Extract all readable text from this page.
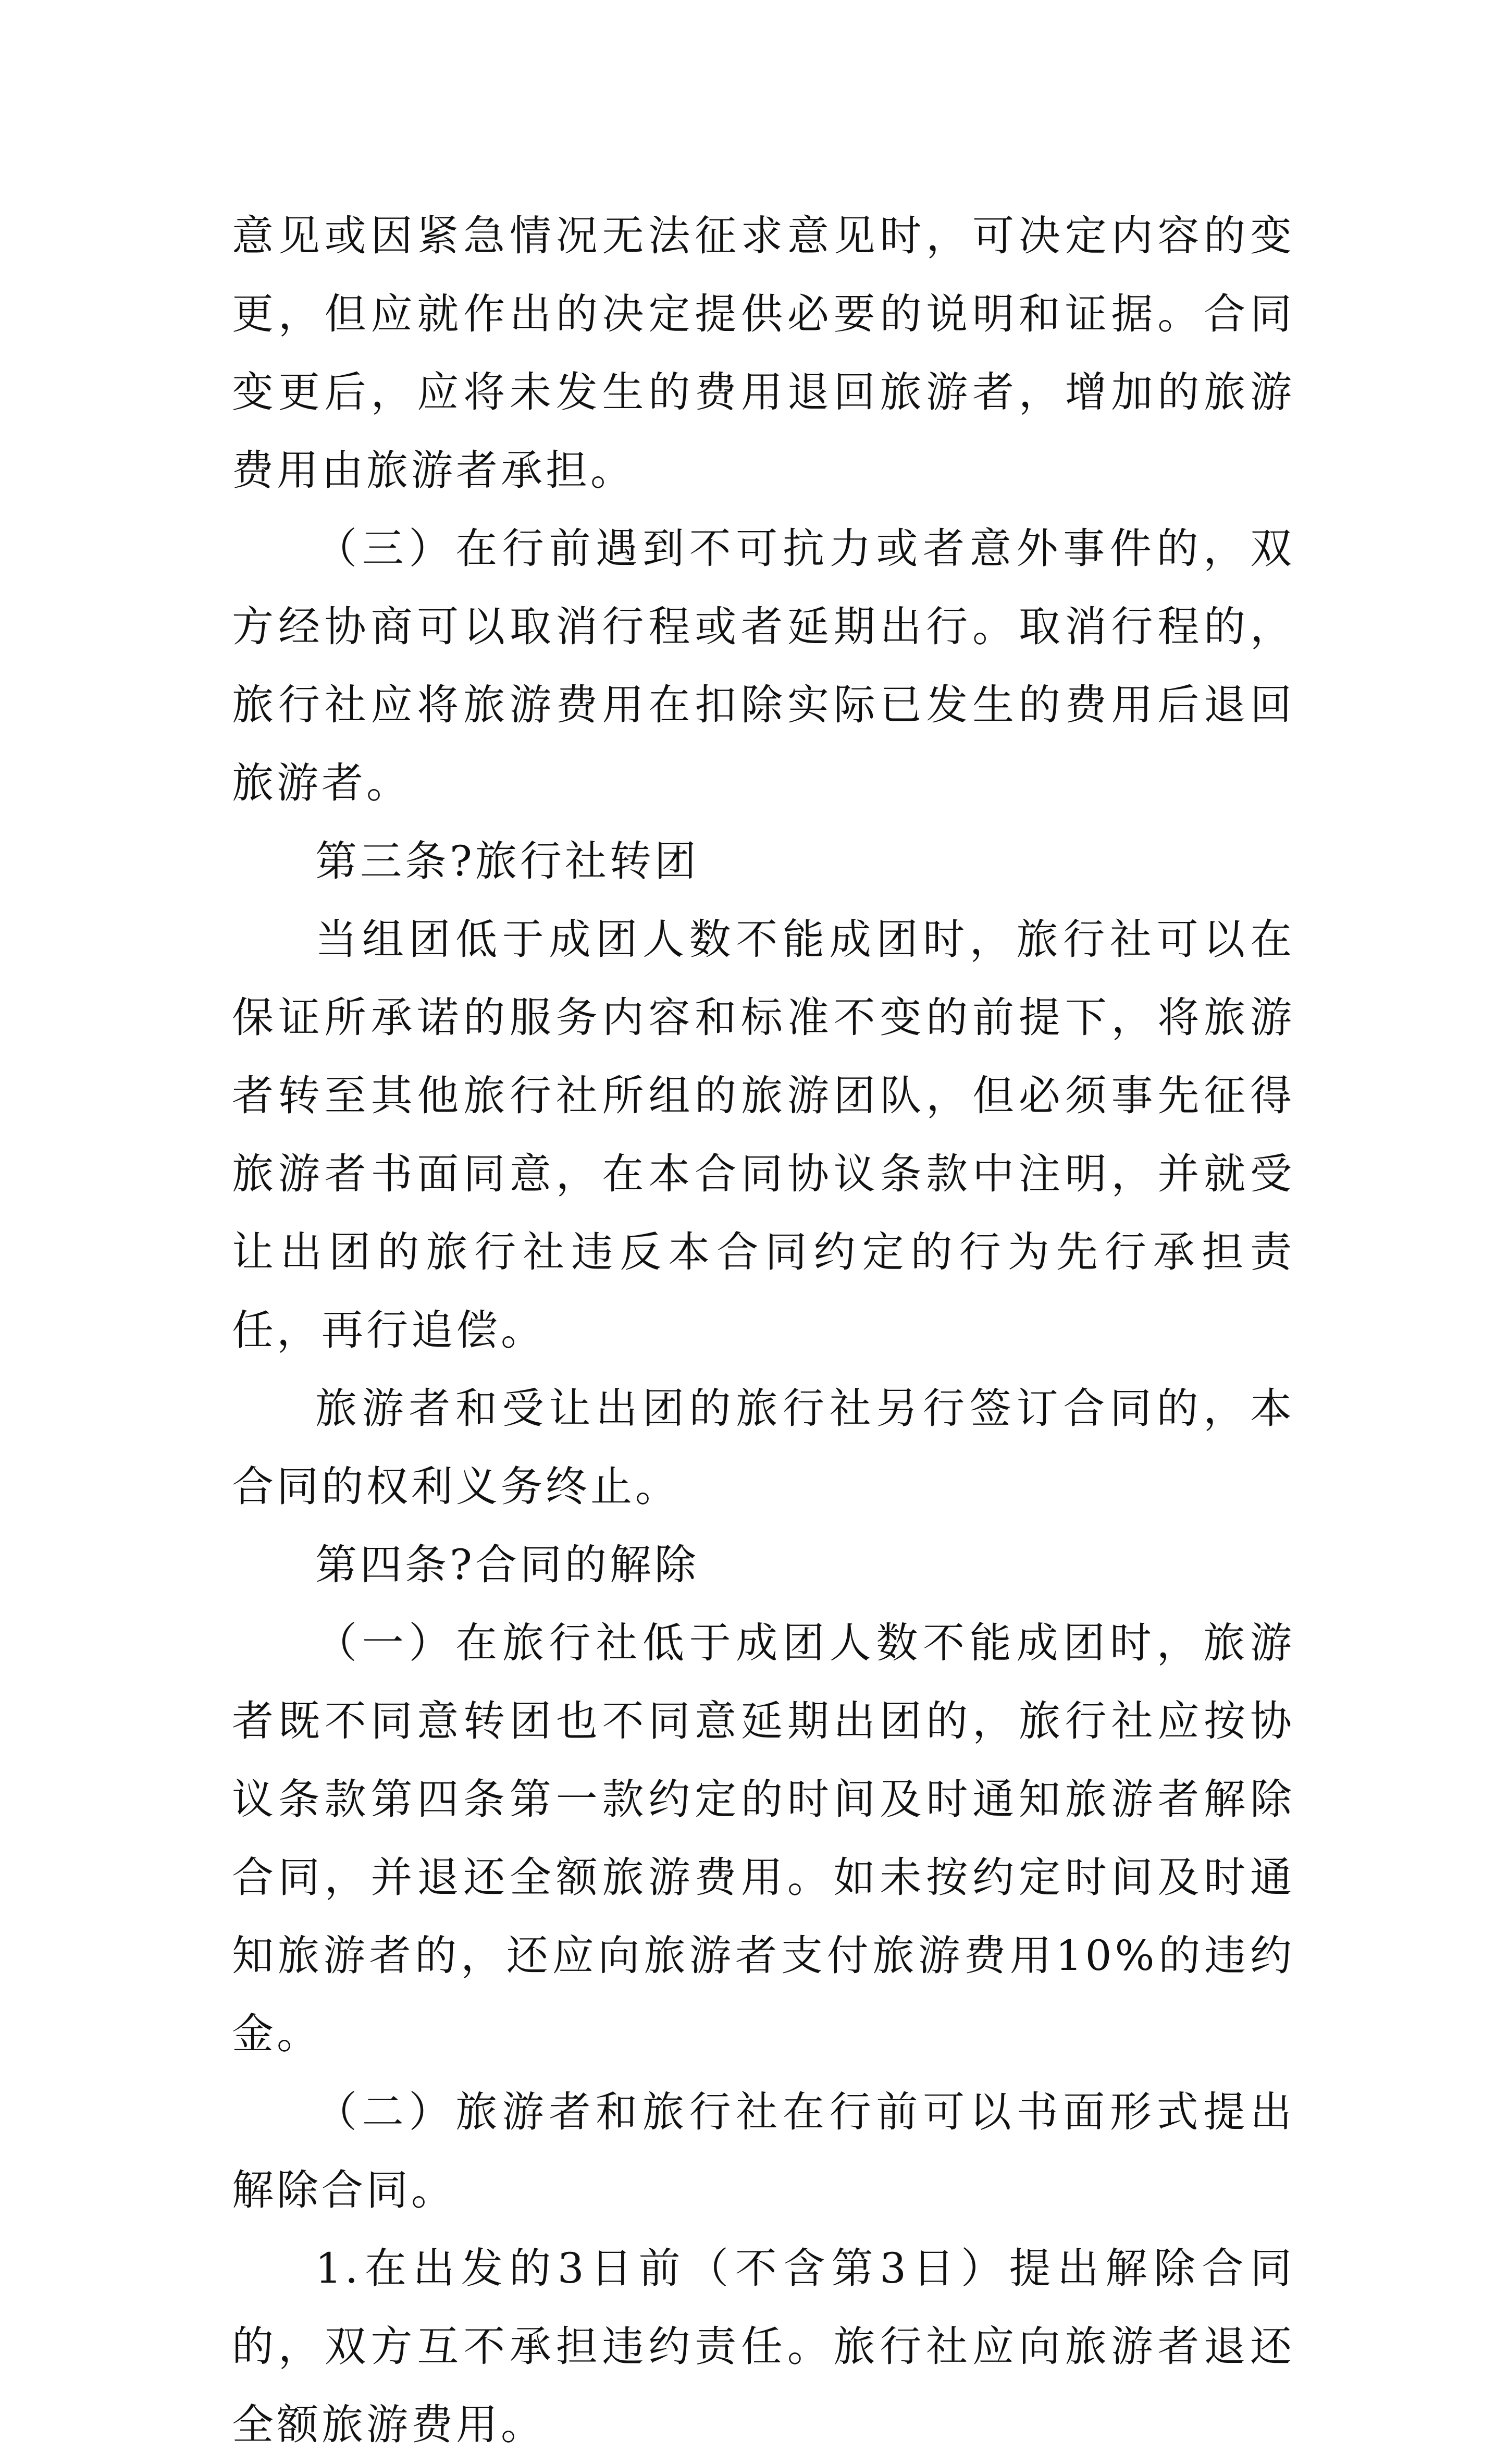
意见或因紧急情况无法征求意见时，可决定内容的变更，但应就作出的决定提供必要的说明和证据。合同变更后，应将未发生的费用退回旅游者，增加的旅游费用由旅游者承担。

（三）在行前遇到不可抗力或者意外事件的，双方经协商可以取消行程或者延期出行。取消行程的，旅行社应将旅游费用在扣除实际已发生的费用后退回旅游者。

第三条?旅行社转团

当组团低于成团人数不能成团时，旅行社可以在保证所承诺的服务内容和标准不变的前提下，将旅游者转至其他旅行社所组的旅游团队，但必须事先征得旅游者书面同意，在本合同协议条款中注明，并就受让出团的旅行社违反本合同约定的行为先行承担责任，再行追偿。

旅游者和受让出团的旅行社另行签订合同的，本合同的权利义务终止。

第四条?合同的解除

（一）在旅行社低于成团人数不能成团时，旅游者既不同意转团也不同意延期出团的，旅行社应按协议条款第四条第一款约定的时间及时通知旅游者解除合同，并退还全额旅游费用。如未按约定时间及时通知旅游者的，还应向旅游者支付旅游费用10%的违约金。

（二）旅游者和旅行社在行前可以书面形式提出解除合同。

1.在出发的3日前（不含第3日）提出解除合同的，双方互不承担违约责任。旅行社应向旅游者退还全额旅游费用。
